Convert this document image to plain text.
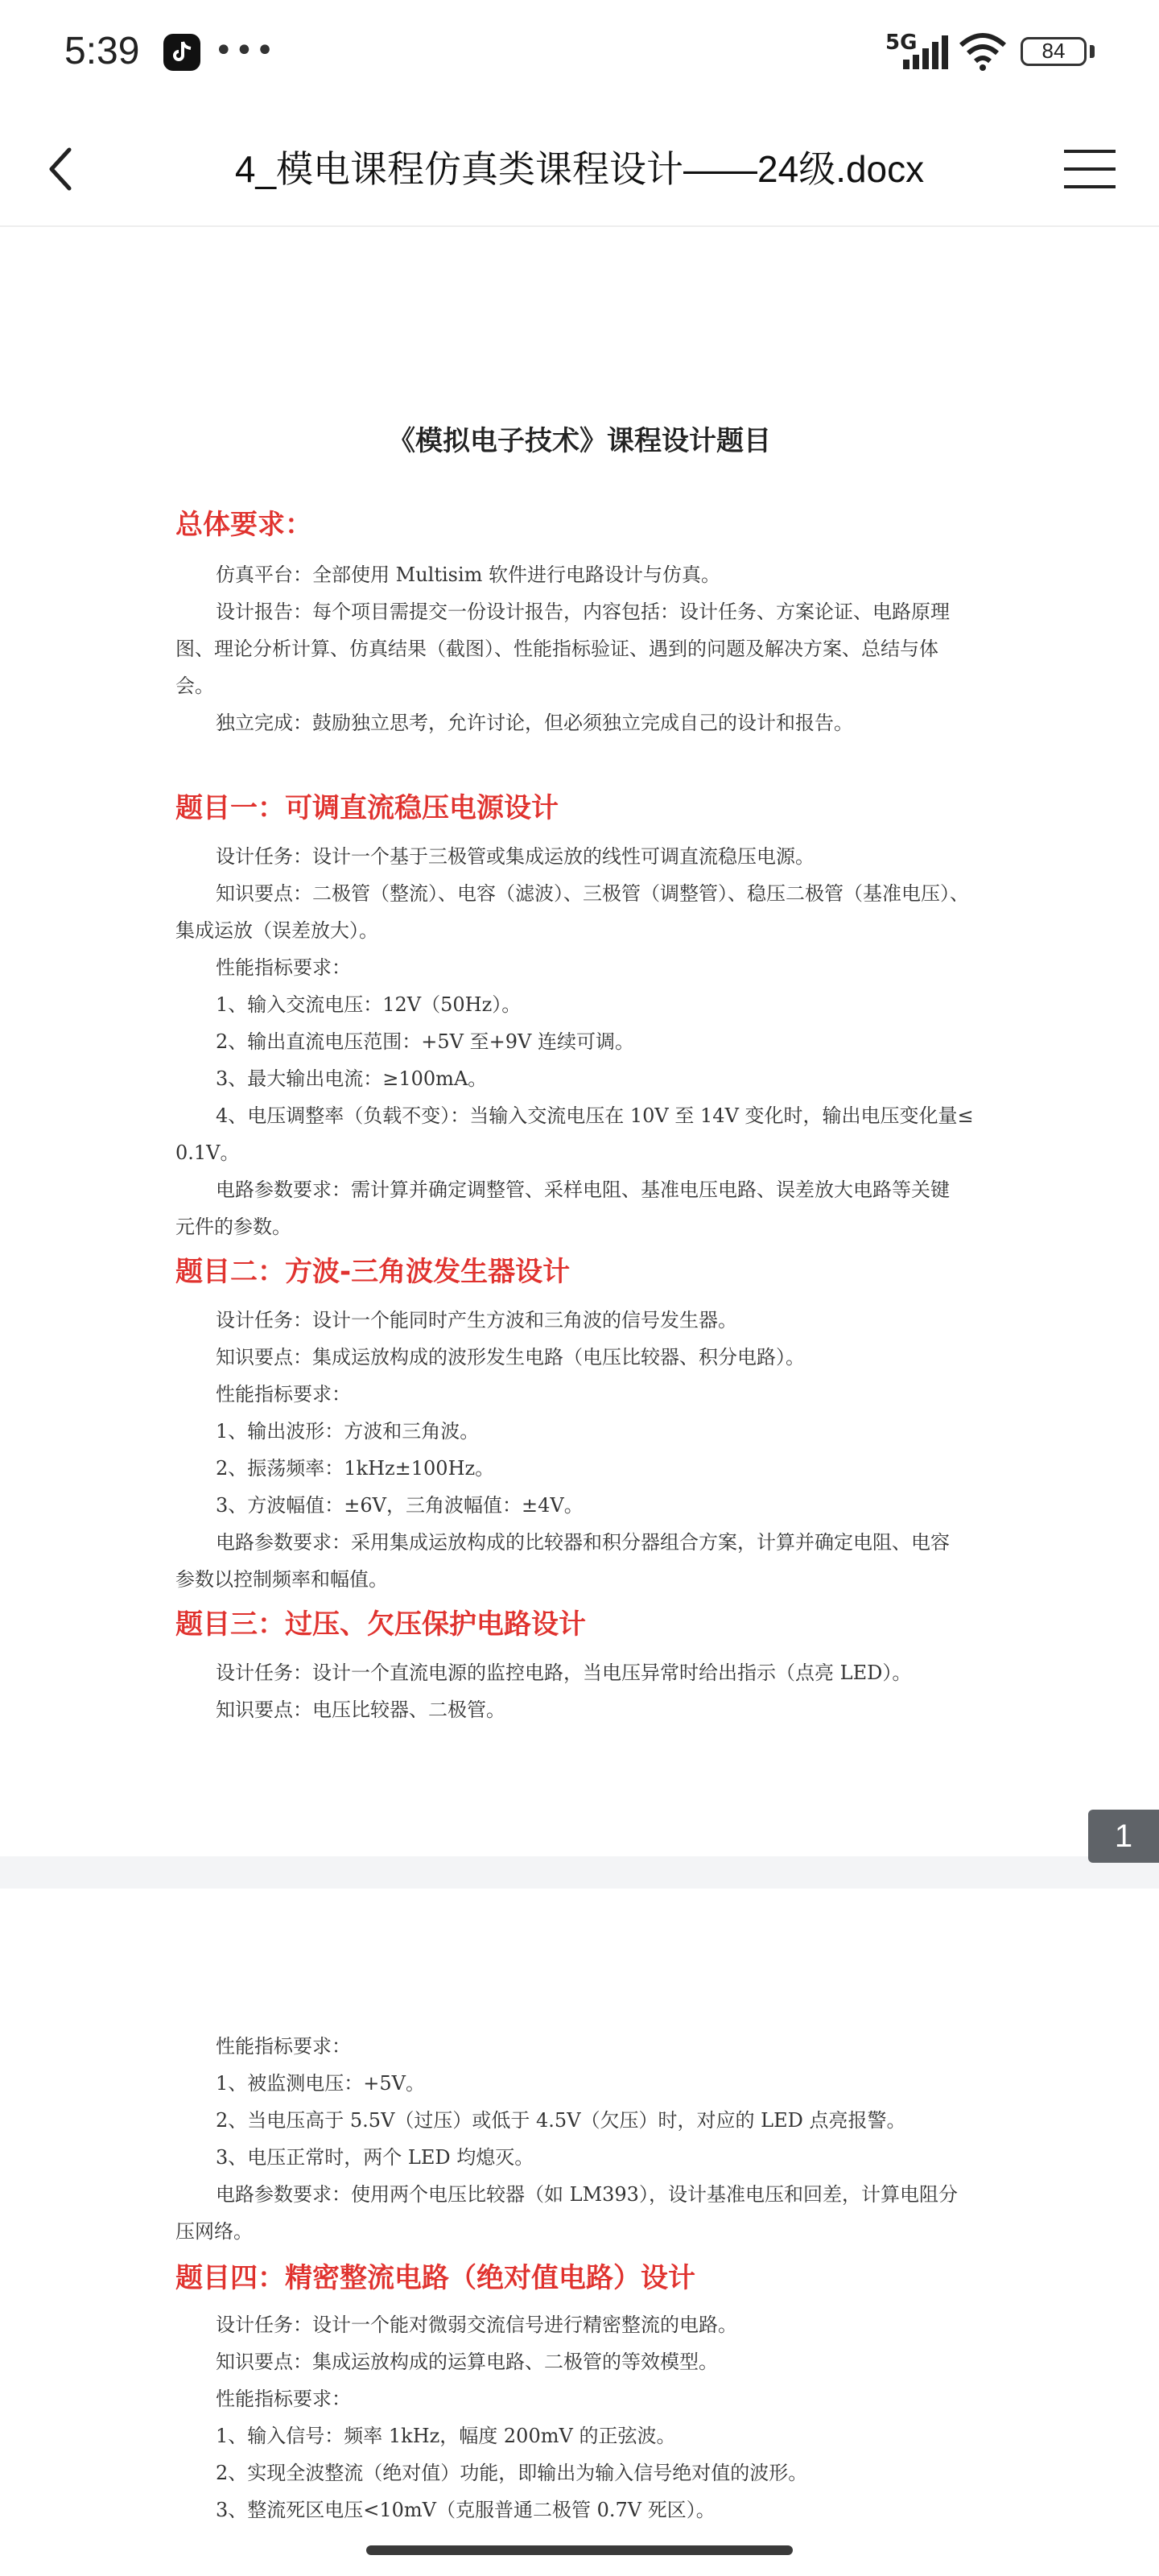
5:39 •••	5G	84
4_模电课程仿真类课程设计——24级.docx
《模拟电子技术》课程设计题目
总体要求：
仿真平台：全部使用 Multisim 软件进行电路设计与仿真。
设计报告：每个项目需提交一份设计报告，内容包括：设计任务、方案论证、电路原理
图、理论分析计算、仿真结果（截图）、性能指标验证、遇到的问题及解决方案、总结与体
会。
独立完成：鼓励独立思考，允许讨论，但必须独立完成自己的设计和报告。
题目一：可调直流稳压电源设计
设计任务：设计一个基于三极管或集成运放的线性可调直流稳压电源。
知识要点：二极管（整流）、电容（滤波）、三极管（调整管）、稳压二极管（基准电压）、
集成运放（误差放大）。
性能指标要求：
1、输入交流电压：12V（50Hz）。
2、输出直流电压范围：+5V 至+9V 连续可调。
3、最大输出电流：≥100mA。
4、电压调整率（负载不变）：当输入交流电压在 10V 至 14V 变化时，输出电压变化量≤
0.1V。
电路参数要求：需计算并确定调整管、采样电阻、基准电压电路、误差放大电路等关键
元件的参数。
题目二：方波-三角波发生器设计
设计任务：设计一个能同时产生方波和三角波的信号发生器。
知识要点：集成运放构成的波形发生电路（电压比较器、积分电路）。
性能指标要求：
1、输出波形：方波和三角波。
2、振荡频率：1kHz±100Hz。
3、方波幅值：±6V，三角波幅值：±4V。
电路参数要求：采用集成运放构成的比较器和积分器组合方案，计算并确定电阻、电容
参数以控制频率和幅值。
题目三：过压、欠压保护电路设计
设计任务：设计一个直流电源的监控电路，当电压异常时给出指示（点亮 LED）。
知识要点：电压比较器、二极管。
1
性能指标要求：
1、被监测电压：+5V。
2、当电压高于 5.5V（过压）或低于 4.5V（欠压）时，对应的 LED 点亮报警。
3、电压正常时，两个 LED 均熄灭。
电路参数要求：使用两个电压比较器（如 LM393），设计基准电压和回差，计算电阻分
压网络。
题目四：精密整流电路（绝对值电路）设计
设计任务：设计一个能对微弱交流信号进行精密整流的电路。
知识要点：集成运放构成的运算电路、二极管的等效模型。
性能指标要求：
1、输入信号：频率 1kHz，幅度 200mV 的正弦波。
2、实现全波整流（绝对值）功能，即输出为输入信号绝对值的波形。
3、整流死区电压<10mV（克服普通二极管 0.7V 死区）。
